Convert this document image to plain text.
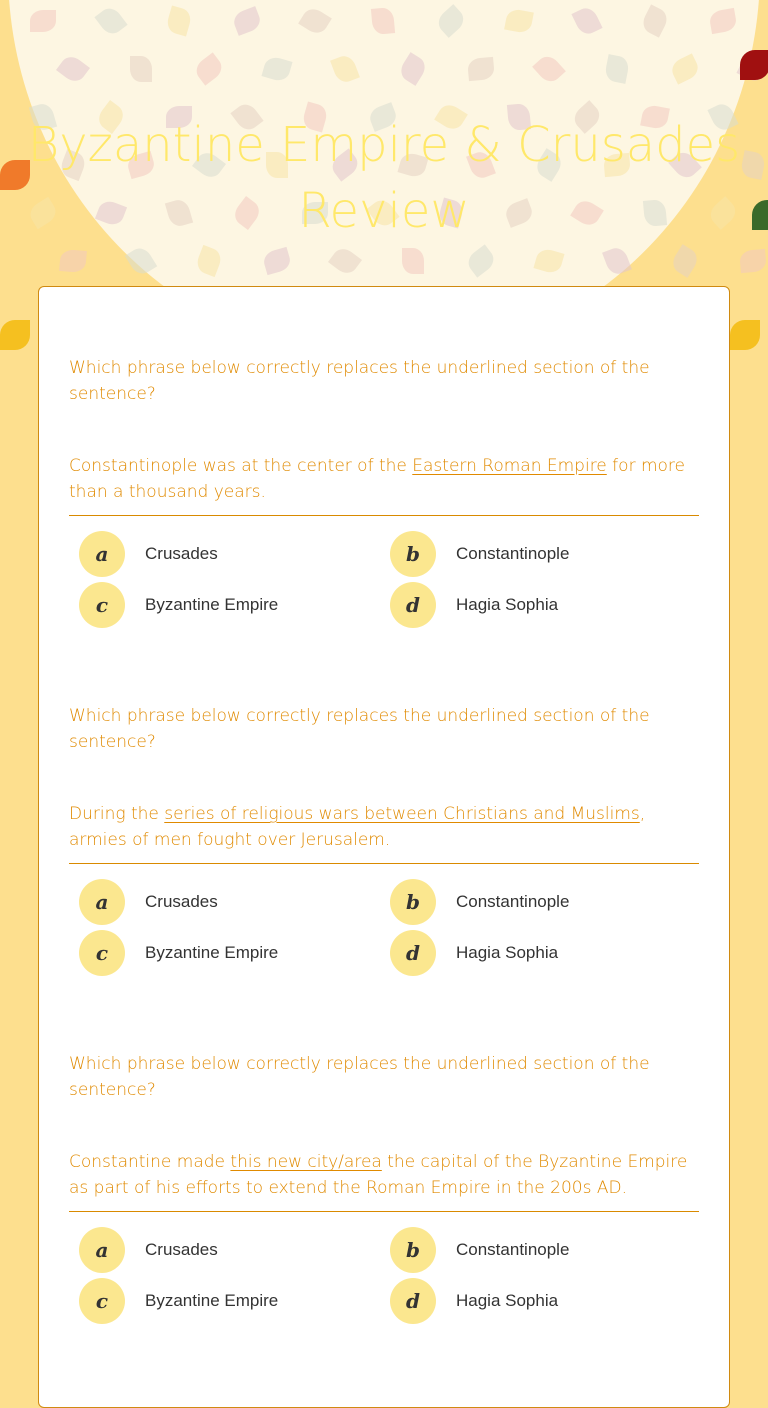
Byzantine Empire & Crusades Review
Which phrase below correctly replaces the underlined section of the sentence?
Constantinople was at the center of the Eastern Roman Empire for more than a thousand years.
a	Crusades	b	Constantinople
c	Byzantine Empire	d	Hagia Sophia
Which phrase below correctly replaces the underlined section of the sentence?
During the series of religious wars between Christians and Muslims, armies of men fought over Jerusalem.
a	Crusades	b	Constantinople
c	Byzantine Empire	d	Hagia Sophia
Which phrase below correctly replaces the underlined section of the sentence?
Constantine made this new city/area the capital of the Byzantine Empire as part of his efforts to extend the Roman Empire in the 200s AD.
a	Crusades	b	Constantinople
c	Byzantine Empire	d	Hagia Sophia
